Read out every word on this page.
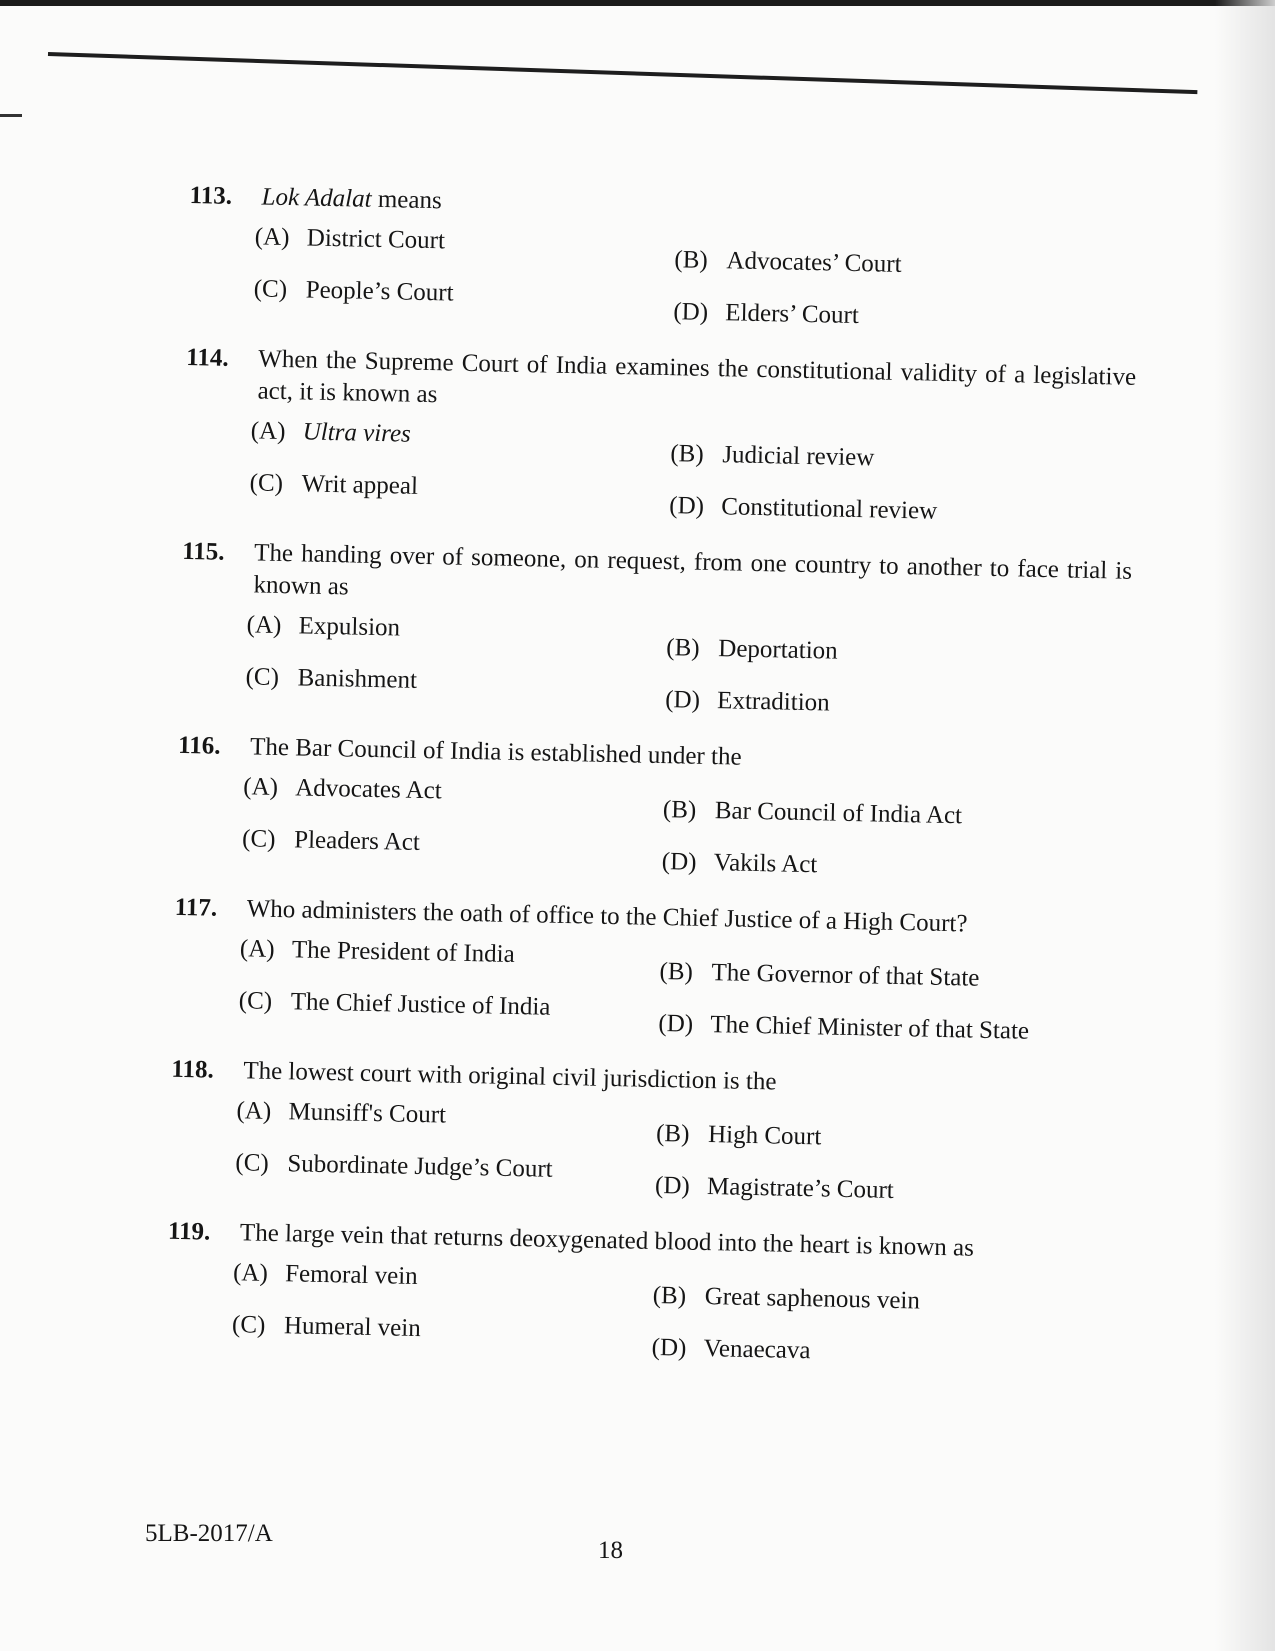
113.	Lok Adalat means
(A) District Court
(B) Advocates’ Court
(C) People’s Court
(D) Elders’ Court
114.	When the Supreme Court of India examines the constitutional validity of a legislative act, it is known as
(A) Ultra vires
(B) Judicial review
(C) Writ appeal
(D) Constitutional review
115.	The handing over of someone, on request, from one country to another to face trial is known as
(A) Expulsion
(B) Deportation
(C) Banishment
(D) Extradition
116.	The Bar Council of India is established under the
(A) Advocates Act
(B) Bar Council of India Act
(C) Pleaders Act
(D) Vakils Act
117.	Who administers the oath of office to the Chief Justice of a High Court?
(A) The President of India
(B) The Governor of that State
(C) The Chief Justice of India
(D) The Chief Minister of that State
118.	The lowest court with original civil jurisdiction is the
(A) Munsiff's Court
(B) High Court
(C) Subordinate Judge’s Court
(D) Magistrate’s Court
119.	The large vein that returns deoxygenated blood into the heart is known as
(A) Femoral vein
(B) Great saphenous vein
(C) Humeral vein
(D) Venaecava
5LB-2017/A
18
